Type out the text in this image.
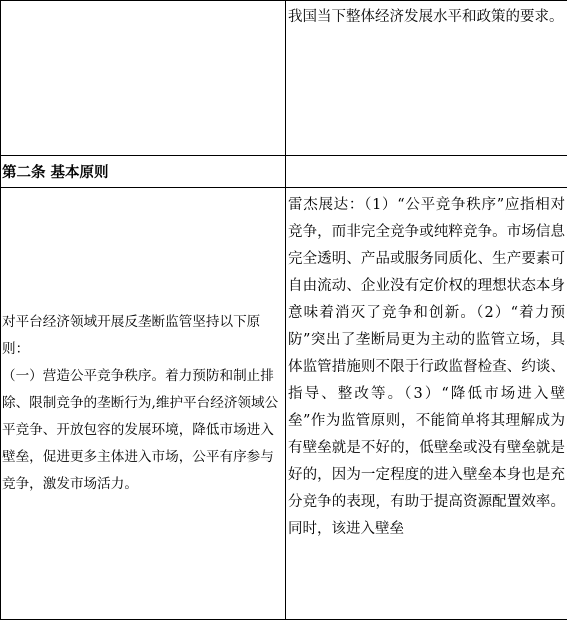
	我国当下整体经济发展水平和政策的要求。

第二条 基本原则	

对平台经济领域开展反垄断监管坚持以下原则：

（一）营造公平竞争秩序。着力预防和制止排除、限制竞争的垄断行为,维护平台经济领域公平竞争、开放包容的发展环境，降低市场进入壁垒，促进更多主体进入市场，公平有序参与竞争，激发市场活力。	雷杰展达：（1）“公平竞争秩序”应指相对竞争，而非完全竞争或纯粹竞争。市场信息完全透明、产品或服务同质化、生产要素可自由流动、企业没有定价权的理想状态本身意味着消灭了竞争和创新。（2）“着力预防”突出了垄断局更为主动的监管立场，具体监管措施则不限于行政监督检查、约谈、指导、整改等。（3）“降低市场进入壁垒”作为监管原则，不能简单将其理解成为有壁垒就是不好的，低壁垒或没有壁垒就是好的，因为一定程度的进入壁垒本身也是充分竞争的表现，有助于提高资源配置效率。同时，该进入壁垒
